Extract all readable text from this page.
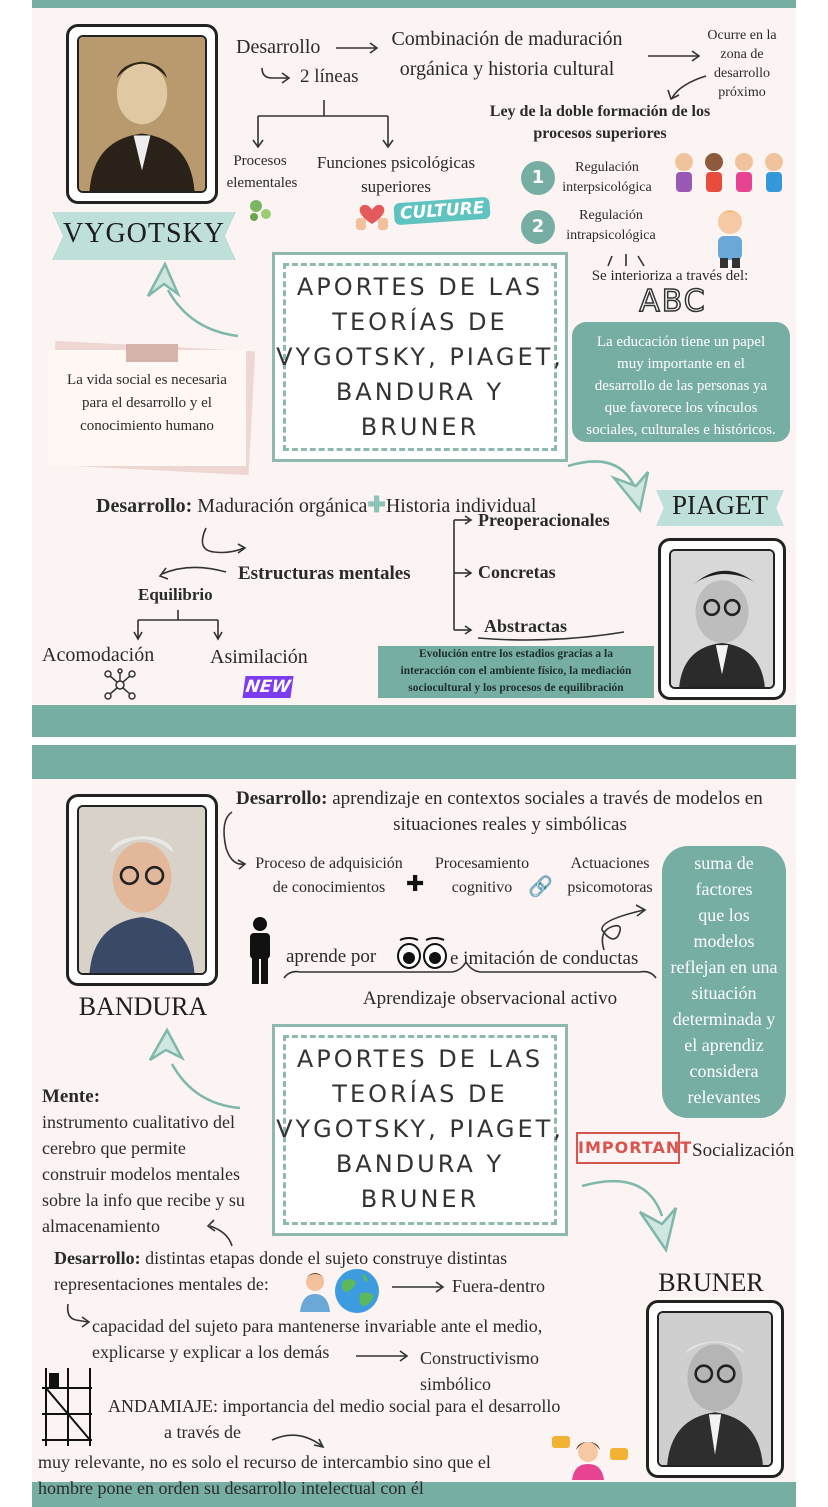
VYGOTSKY
Desarrollo
2 líneas
Combinación de maduración
orgánica y historia cultural
Ocurre en la
zona de
desarrollo
próximo
Ley de la doble formación de los
procesos superiores
Procesos
elementales
Funciones psicológicas
superiores
CULTURE
1	Regulación
interpsicológica
2
Regulación
intrapsicológica
Se interioriza a través del:
ABC
La vida social es necesaria
para el desarrollo y el
conocimiento humano
APORTES DE LAS
TEORÍAS DE
VYGOTSKY, PIAGET,
BANDURA Y
BRUNER
La educación tiene un papel
muy importante en el
desarrollo de las personas ya
que favorece los vínculos
sociales, culturales e históricos.
PIAGET
Desarrollo: Maduración orgánica✚Historia individual
Preoperacionales
Concretas
Abstractas
Estructuras mentales
Equilibrio
Acomodación	Asimilación
NEW
Evolución entre los estadios gracias a la
interacción con el ambiente físico, la mediación
sociocultural y los procesos de equilibración
BANDURA
Desarrollo: aprendizaje en contextos sociales a través de modelos en
situaciones reales y simbólicas
Proceso de adquisición
de conocimientos ✚
Procesamiento
cognitivo 🔗
Actuaciones
psicomotoras
aprende por	e imitación de conductas
Aprendizaje observacional activo
suma de
factores
que los
modelos
reflejan en una
situación
determinada y
el aprendiz
considera
relevantes
APORTES DE LAS
TEORÍAS DE
VYGOTSKY, PIAGET,
BANDURA Y
BRUNER
Mente:
instrumento cualitativo del
cerebro que permite
construir modelos mentales
sobre la info que recibe y su
almacenamiento
IMPORTANT Socialización
BRUNER
Desarrollo: distintas etapas donde el sujeto construye distintas
representaciones mentales de:	Fuera-dentro
capacidad del sujeto para mantenerse invariable ante el medio,
explicarse y explicar a los demás	Constructivismo
simbólico
ANDAMIAJE: importancia del medio social para el desarrollo
a través de
muy relevante, no es solo el recurso de intercambio sino que el
hombre pone en orden su desarrollo intelectual con él
